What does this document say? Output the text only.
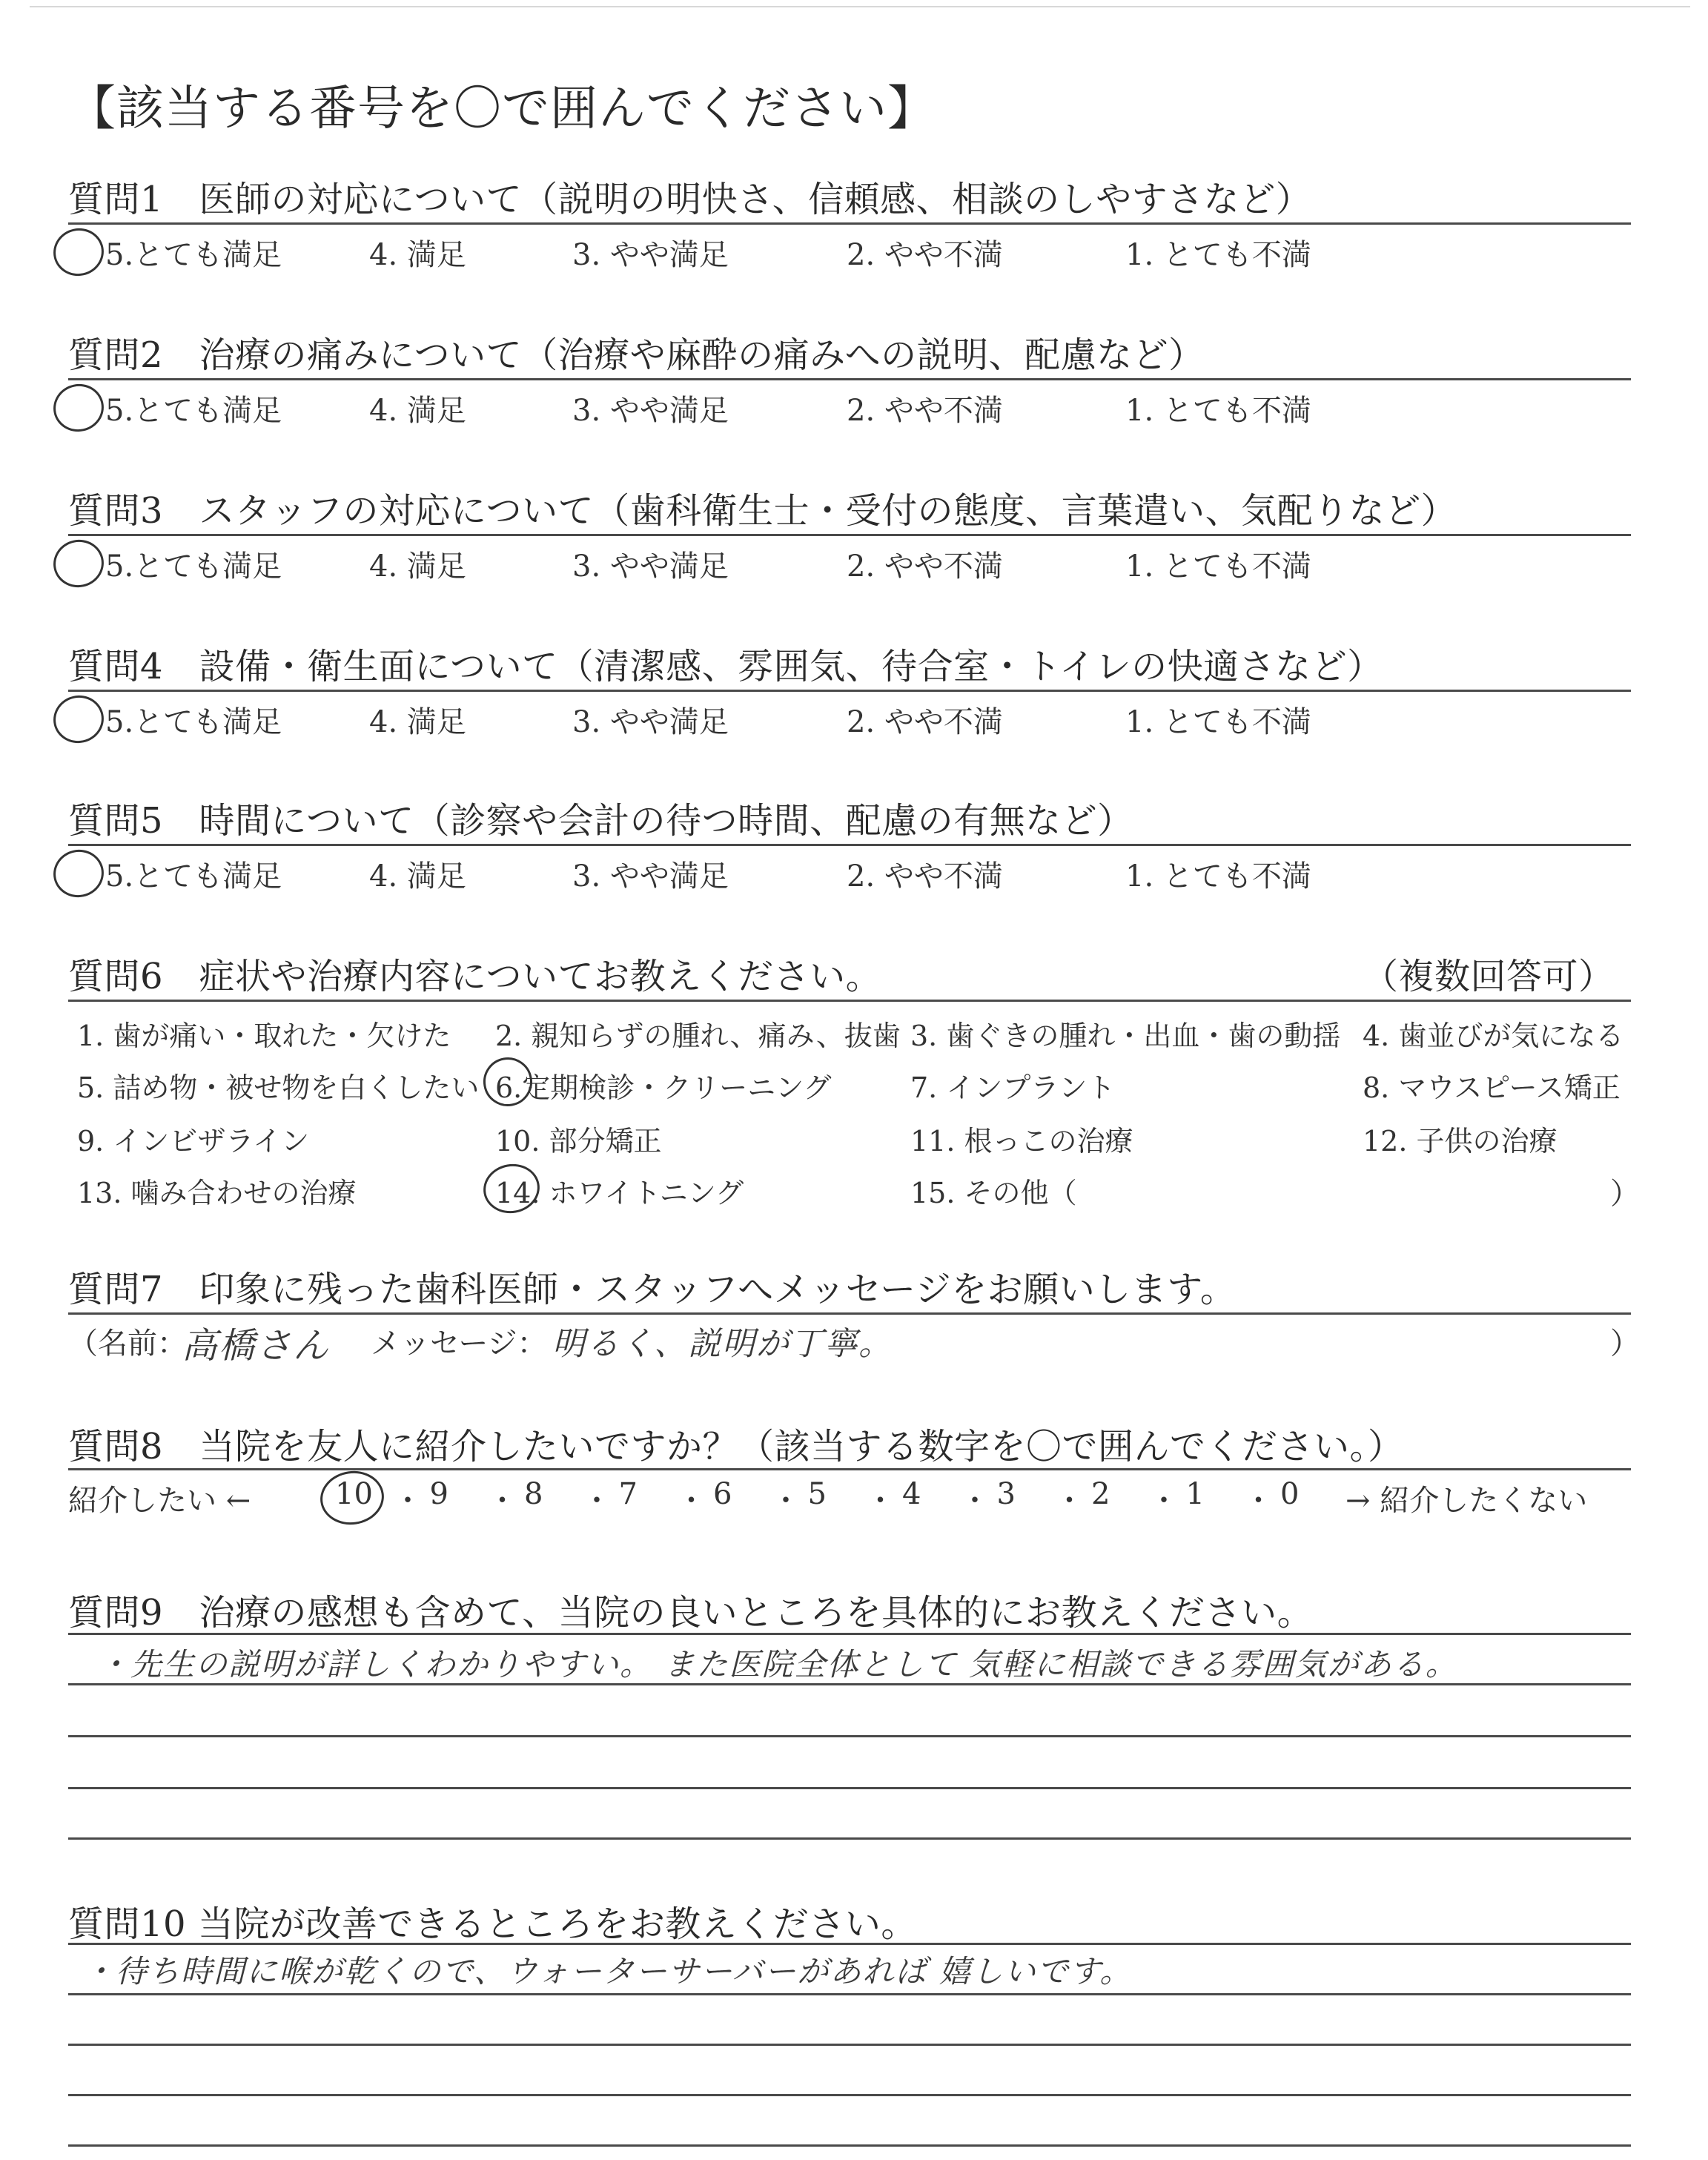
【該当する番号を〇で囲んでください】
質問1　医師の対応について（説明の明快さ、信頼感、相談のしやすさなど）
5.とても満足	4. 満足	3. やや満足	2. やや不満	1. とても不満
質問2　治療の痛みについて（治療や麻酔の痛みへの説明、配慮など）
5.とても満足	4. 満足	3. やや満足	2. やや不満	1. とても不満
質問3　スタッフの対応について（歯科衛生士・受付の態度、言葉遣い、気配りなど）
5.とても満足	4. 満足	3. やや満足	2. やや不満	1. とても不満
質問4　設備・衛生面について（清潔感、雰囲気、待合室・トイレの快適さなど）
5.とても満足	4. 満足	3. やや満足	2. やや不満	1. とても不満
質問5　時間について（診察や会計の待つ時間、配慮の有無など）
5.とても満足	4. 満足	3. やや満足	2. やや不満	1. とても不満
質問6　症状や治療内容についてお教えください。	（複数回答可）
1. 歯が痛い・取れた・欠けた 2. 親知らずの腫れ、痛み、抜歯 3. 歯ぐきの腫れ・出血・歯の動揺 4. 歯並びが気になる
5. 詰め物・被せ物を白くしたい 6.定期検診・クリーニング	7. インプラント	8. マウスピース矯正
9. インビザライン	10. 部分矯正	11. 根っこの治療	12. 子供の治療
13. 噛み合わせの治療	14. ホワイトニング	15. その他（	）
質問7　印象に残った歯科医師・スタッフへメッセージをお願いします。
（名前：
高橋さん メッセージ： 明るく、説明が丁寧。	）
質問8　当院を友人に紹介したいですか？（該当する数字を〇で囲んでください。）
紹介したい ←	10 ・ 9 ・ 8 ・ 7 ・ 6 ・ 5 ・ 4 ・ 3 ・ 2 ・ 1 ・ 0 → 紹介したくない
質問9　治療の感想も含めて、当院の良いところを具体的にお教えください。
・先生の説明が詳しくわかりやすい。 また医院全体として 気軽に相談できる雰囲気がある。
質問10 当院が改善できるところをお教えください。
・待ち時間に喉が乾くので、ウォーターサーバーがあれば 嬉しいです。
